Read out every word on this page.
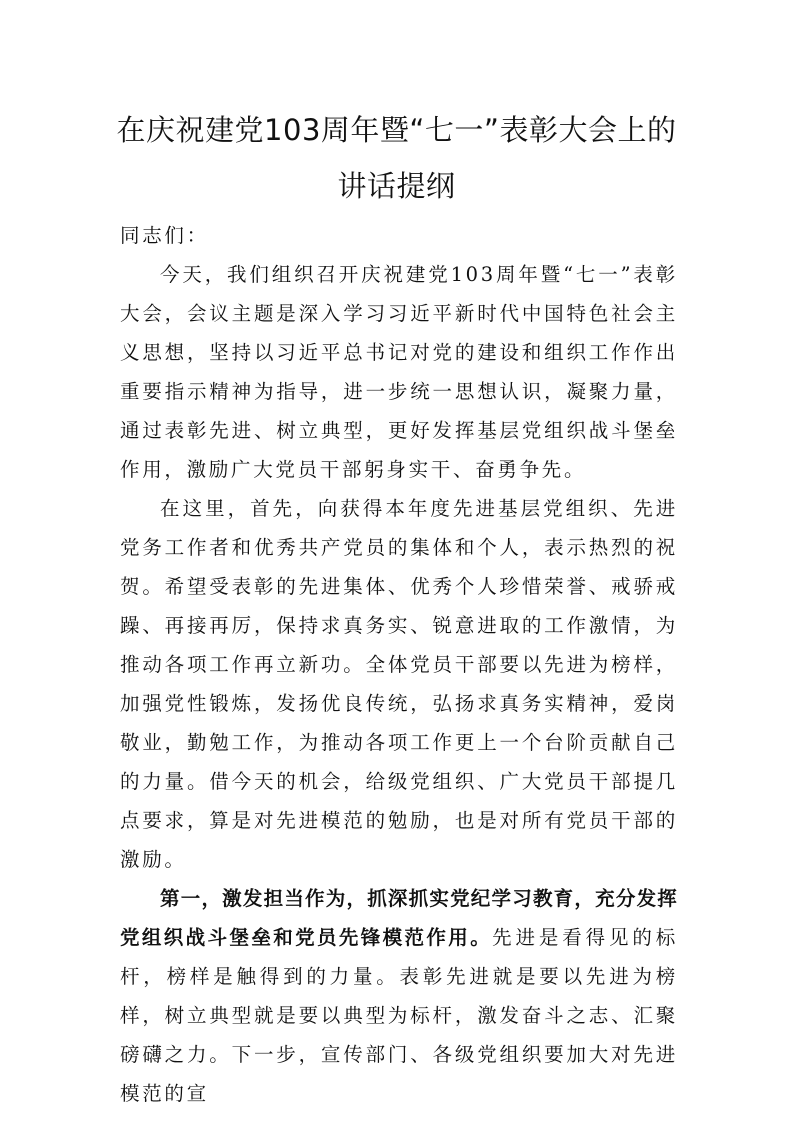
在庆祝建党103周年暨“七一”表彰大会上的
讲话提纲
同志们：

今天，我们组织召开庆祝建党103周年暨“七一”表彰大会，会议主题是深入学习习近平新时代中国特色社会主义思想，坚持以习近平总书记对党的建设和组织工作作出重要指示精神为指导，进一步统一思想认识，凝聚力量，通过表彰先进、树立典型，更好发挥基层党组织战斗堡垒作用，激励广大党员干部躬身实干、奋勇争先。

在这里，首先，向获得本年度先进基层党组织、先进党务工作者和优秀共产党员的集体和个人，表示热烈的祝贺。希望受表彰的先进集体、优秀个人珍惜荣誉、戒骄戒躁、再接再厉，保持求真务实、锐意进取的工作激情，为推动各项工作再立新功。全体党员干部要以先进为榜样，加强党性锻炼，发扬优良传统，弘扬求真务实精神，爱岗敬业，勤勉工作，为推动各项工作更上一个台阶贡献自己的力量。借今天的机会，给级党组织、广大党员干部提几点要求，算是对先进模范的勉励，也是对所有党员干部的激励。

第一，激发担当作为，抓深抓实党纪学习教育，充分发挥党组织战斗堡垒和党员先锋模范作用。先进是看得见的标杆，榜样是触得到的力量。表彰先进就是要以先进为榜样，树立典型就是要以典型为标杆，激发奋斗之志、汇聚磅礴之力。下一步，宣传部门、各级党组织要加大对先进模范的宣
